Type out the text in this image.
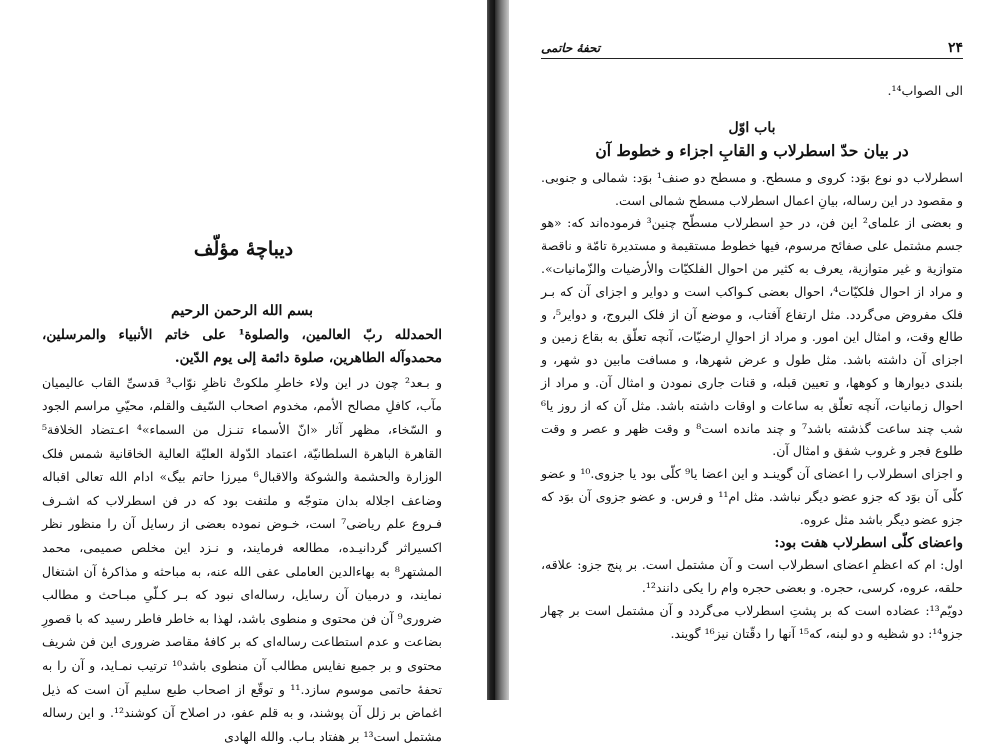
دیباچۀ مؤلّف

بسم الله الرحمن الرحیم

الحمدلله ربّ العالمین، والصلوة¹ علی خاتم الأنبیاء والمرسلین، محمدوآله الطاهرین، صلوة دائمة إلی یوم الدّین.

و بـعد² چون در این ولاء خاطرِ ملکوتْ ناظرِ نوّاب³ قدسیِّ القاب عالیمیان مآب، کافلِ مصالح الأمم، مخدوم اصحاب السّیف والقلم، محیّیِ مراسم الجود و السّخاء، مظهر آثار «انّ الأسماء تنـزل من السماء»⁴ اعـتضاد الخلافة⁵ القاهرة الباهرة السلطانیّة، اعتماد الدّولة العلیّة العالیة الخاقانیة شمس فلک الوزارة والحشمة والشوکة والاقبال⁶ میرزا حاتم بیگ» ادام الله تعالی اقباله وضاعف اجلاله بدان متوجّه و ملتفت بود که در فن اسطرلاب که اشـرف فـروع علم ریاضی⁷ است، خـوض نموده بعضی از رسایل آن را منظور نظر اکسیراثر گردانیـده، مطالعه فرمایند، و نـزد این مخلص صمیمی، محمد المشتهر⁸ به بهاءالدین العاملی عفی الله عنه، به مباحثه و مذاکرۀ آن اشتغال نمایند، و درمیان آن رسایل، رساله‌ای نبود که بـر کـلّیِ مبـاحث و مطالب ضروری⁹ آن فن محتوی و منطوی باشد، لهذا به خاطر فاطر رسید که با قصورِ بضاعت و عدم استطاعت رساله‌ای که بر کافۀ مقاصد ضروری این فن شریف محتوی و بر جمیع نفایس مطالب آن منطوی باشد¹⁰ ترتیب نمـاید، و آن را به تحفۀ حاتمی موسوم سازد.¹¹ و توقّع از اصحاب طبع سلیم آن است که ذیل اغماض بر زلل آن پوشند، و به قلم عفو، در اصلاح آن کوشند¹². و این رساله مشتمل است¹³ بر هفتاد بـاب. والله الهادی

۲۴
تحفهٔ حاتمی

الی الصواب¹⁴.

باب اوّل
در بیان حدّ اسطرلاب و القابِ اجزاء و خطوط آن

اسطرلاب دو نوع بوَد: کروی و مسطح. و مسطح دو صنف¹ بوَد: شمالی و جنوبی. و مقصود در این رساله، بیانِ اعمال اسطرلاب مسطح شمالی است.

و بعضی از علمای² این فن، در حدِ اسطرلاب مسطّح چنین³ فرموده‌اند که: «هو جسم مشتمل علی صفائح مرسوم، فیها خطوط مستقیمة و مستدیرة تامّة و ناقصة متوازیة و غیر متوازیة، یعرف به کثیر من احوال الفلکیّات والأرضیات والزّمانیات». و مراد از احوال فلکیّات⁴، احوال بعضی کـواکب است و دوایر و اجزای آن که بـر فلک مفروض می‌گردد. مثل ارتفاع آفتاب، و موضع آن از فلک البروج، و دوایر⁵، و طالع وقت، و امثال این امور. و مراد از احوالِ ارضیّات، آنچه تعلّق به بقاع زمین و اجزای آن داشته باشد. مثل طول و عرض شهرها، و مسافت مابین دو شهر، و بلندی دیوارها و کوهها، و تعیین قبله، و قنات جاری نمودن و امثال آن. و مراد از احوال زمانیات، آنچه تعلّق به ساعات و اوقات داشته باشد. مثل آن که از روز یا⁶ شب چند ساعت گذشته باشد⁷ و چند مانده است⁸ و وقت ظهر و عصر و وقت طلوع فجر و غروب شفق و امثال آن.

و اجزای اسطرلاب را اعضای آن گوینـد و این اعضا یا⁹ کلّی بود یا جزوی.¹⁰ و عضو کلّی آن بوَد که جزو عضو دیگر نباشد. مثل ام¹¹ و فرس. و عضو جزوی آن بوَد که جزو عضو دیگر باشد مثل عروه.

واعضای کلّی اسطرلاب هفت بود:

اول: ام که اعظمِ اعضای اسطرلاب است و آن مشتمل است. بر پنج جزو: علاقه، حلقه، عروه، کرسی، حجره. و بعضی حجره وام را یکی دانند¹².

دویّم¹³: عضاده است که بر پشتِ اسطرلاب می‌گردد و آن مشتمل است بر چهار جزو¹⁴: دو شظیه و دو لبنه، که¹⁵ آنها را دقّتان نیز¹⁶ گویند.
